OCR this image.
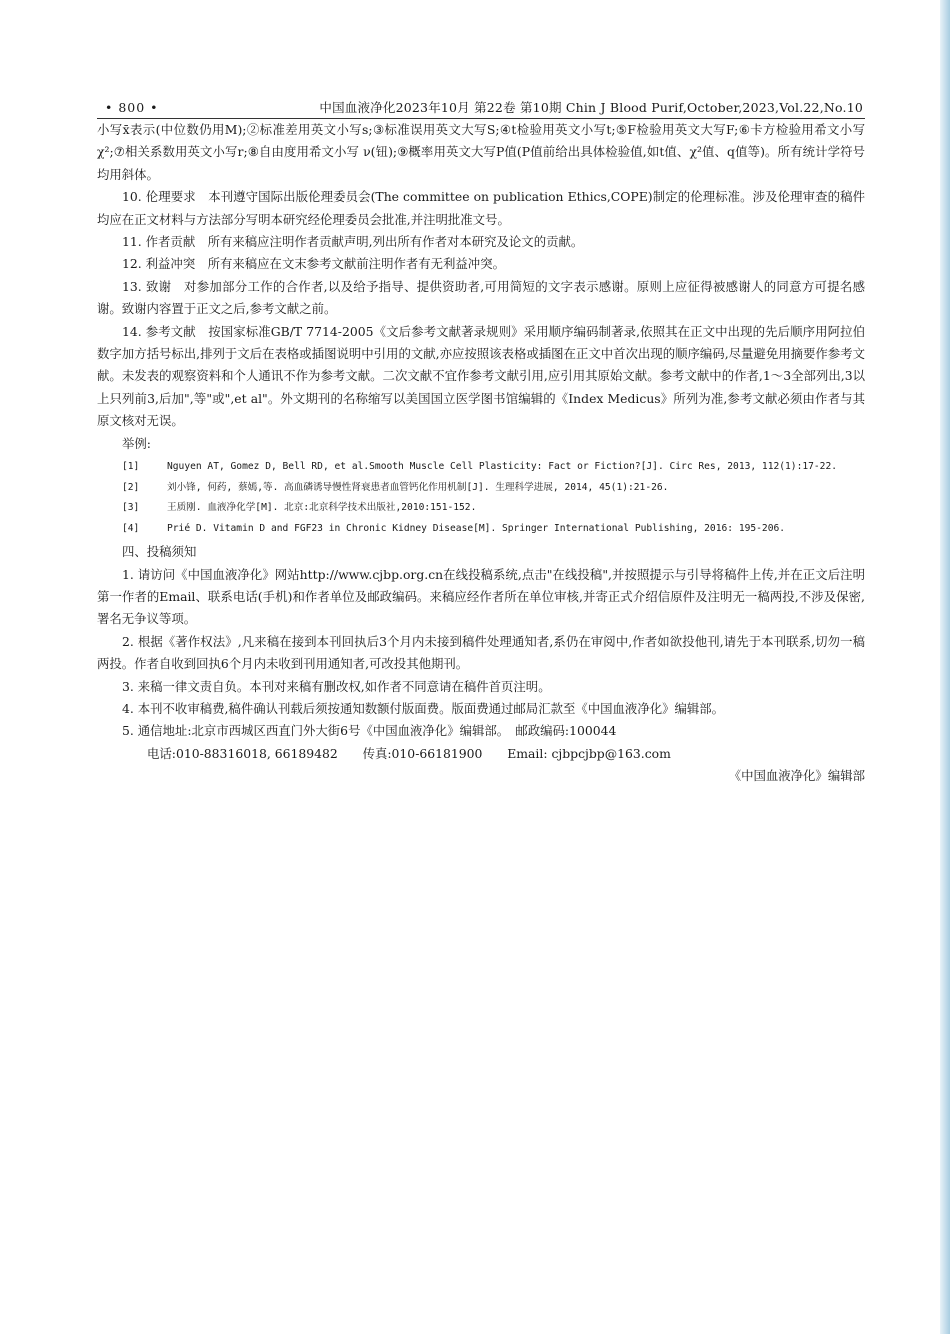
• 800 •	中国血液净化2023年10月 第22卷 第10期 Chin J Blood Purif,October,2023,Vol.22,No.10

小写x̄表示(中位数仍用M);②标准差用英文小写s;③标准误用英文大写S;④t检验用英文小写t;⑤F检验用英文大写F;⑥卡方检验用希文小写χ²;⑦相关系数用英文小写r;⑧自由度用希文小写 ν(钮);⑨概率用英文大写P值(P值前给出具体检验值,如t值、χ²值、q值等)。所有统计学符号均用斜体。

10. 伦理要求　本刊遵守国际出版伦理委员会(The committee on publication Ethics,COPE)制定的伦理标准。涉及伦理审查的稿件均应在正文材料与方法部分写明本研究经伦理委员会批准,并注明批准文号。

11. 作者贡献　所有来稿应注明作者贡献声明,列出所有作者对本研究及论文的贡献。

12. 利益冲突　所有来稿应在文末参考文献前注明作者有无利益冲突。

13. 致谢　对参加部分工作的合作者,以及给予指导、提供资助者,可用简短的文字表示感谢。原则上应征得被感谢人的同意方可提名感谢。致谢内容置于正文之后,参考文献之前。

14. 参考文献　按国家标准GB/T 7714-2005《文后参考文献著录规则》采用顺序编码制著录,依照其在正文中出现的先后顺序用阿拉伯数字加方括号标出,排列于文后在表格或插图说明中引用的文献,亦应按照该表格或插图在正文中首次出现的顺序编码,尽量避免用摘要作参考文献。未发表的观察资料和个人通讯不作为参考文献。二次文献不宜作参考文献引用,应引用其原始文献。参考文献中的作者,1～3全部列出,3以上只列前3,后加",等"或",et al"。外文期刊的名称缩写以美国国立医学图书馆编辑的《Index Medicus》所列为准,参考文献必须由作者与其原文核对无误。

举例:

[1]	Nguyen AT, Gomez D, Bell RD, et al.Smooth Muscle Cell Plasticity: Fact or Fiction?[J]. Circ Res, 2013, 112(1):17-22.
[2]	刘小锋, 何药, 蔡嫣,等. 高血磷诱导慢性肾衰患者血管钙化作用机制[J]. 生理科学进展, 2014, 45(1):21-26.
[3]	王质刚. 血液净化学[M]. 北京:北京科学技术出版社,2010:151-152.
[4]	Prié D. Vitamin D and FGF23 in Chronic Kidney Disease[M]. Springer International Publishing, 2016: 195-206.

四、投稿须知

1. 请访问《中国血液净化》网站http://www.cjbp.org.cn在线投稿系统,点击"在线投稿",并按照提示与引导将稿件上传,并在正文后注明第一作者的Email、联系电话(手机)和作者单位及邮政编码。来稿应经作者所在单位审核,并寄正式介绍信原件及注明无一稿两投,不涉及保密,署名无争议等项。

2. 根据《著作权法》,凡来稿在接到本刊回执后3个月内未接到稿件处理通知者,系仍在审阅中,作者如欲投他刊,请先于本刊联系,切勿一稿两投。作者自收到回执6个月内未收到刊用通知者,可改投其他期刊。

3. 来稿一律文责自负。本刊对来稿有删改权,如作者不同意请在稿件首页注明。

4. 本刊不收审稿费,稿件确认刊载后须按通知数额付版面费。版面费通过邮局汇款至《中国血液净化》编辑部。

5. 通信地址:北京市西城区西直门外大街6号《中国血液净化》编辑部。　邮政编码:100044

电话:010-88316018, 66189482　　传真:010-66181900　　Email: cjbpcjbp@163.com

《中国血液净化》编辑部
